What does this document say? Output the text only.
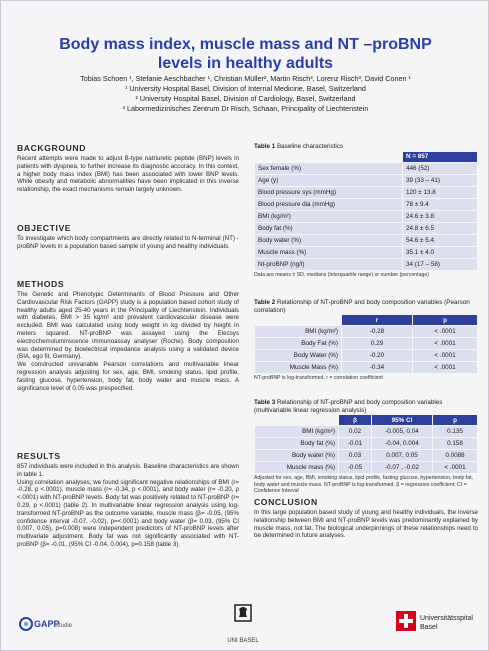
Body mass index, muscle mass and NT –proBNP
levels in healthy adults
Tobias Schoen ¹, Stefanie Aeschbacher ¹, Christian Müller², Martin Risch³, Lorenz Risch³, David Conen ¹
¹ University Hospital Basel, Division of Internal Medicine, Basel, Switzerland
² University Hospital Basel, Division of Cardiology, Basel, Switzerland
³ Labormedizinisches Zentrum Dr Risch, Schaan, Principality of Liechtenstein
BACKGROUND
Recent attempts were made to adjust B-type natriuretic peptide (BNP) levels in patients with dyspnea, to further increase its diagnostic accuracy. In this context, a higher body mass index (BMI) has been associated with lower BNP levels. While obesity and metabolic abnormalities have been implicated in this inverse relationship, the exact mechanisms remain largely unknown.
OBJECTIVE
To investigate which body compartments are directly related to N-terminal (NT) - proBNP levels in a population based sample of young and healthy individuals.
METHODS

The Genetic and Phenotypic Determinants of Blood Pressure and Other Cardiovascular Risk Factors (GAPP) study is a population based cohort study of healthy adults aged 25-40 years in the Principality of Liechtenstein. Individuals with diabetes, BMI > 35 kg/m² and prevalent cardiovascular disease were excluded. BMI was calculated using body weight in kg divided by height in meters squared. NT-proBNP was assayed using the Elecsys electrochemoluminscence immunoassay analyser (Roche). Body composition was determined by bioelectrical impedance analysis using a validated device (BIA, ego fit, Germany).

We constructed univariable Pearson correlations and multivariable linear regression analysis adjusting for sex, age, BMI, smoking status, lipid profile, fasting glucose, hypertension, body fat, body water and muscle mass. A significance level of 0.05 was prespecified.

RESULTS

857 individuals were included in this analysis. Baseline characteristics are shown in table 1.

Using correlation analyses, we found significant negative relationships of BMI (r= -0.28, p <.0001), muscle mass (r= -0.34, p <.0001), and body water (r= -0.20, p <.0001) with NT-proBNP levels. Body fat was positively related to NT-proBNP (r= 0.29, p <.0001) (table 2). In multivariable linear regression analysis using log-transformed NT-proBNP as the outcome variable, muscle mass (β= -0.05, (95% confidence interval -0.07, -0.02), p=<.0001) and body water (β= 0.03, (95% CI 0.007, 0.05), p=0.008) were independent predictors of NT-proBNP levels after multivariate adjustment. Body fat was not significantly associated with NT-proBNP (β= -0.01, (95% CI -0.04, 0.004), p=0.158 (table 3).

Table 1 Baseline characteristics
	N = 857
Sex female (%)	446 (52)
Age (y)	39 (33 – 41)
Blood pressure sys (mmHg)	120 ± 13.8
Blood pressure dia (mmHg)	78 ± 9.4
BMI (kg/m²)	24.6 ± 3.8
Body fat (%)	24.8 ± 6.5
Body water (%)	54.6 ± 5.4
Muscle mass (%)	35.1 ± 4.0
Nt-proBNP (ng/l)	34 (17 – 58)
Data are means ± SD, medians (interquartile range) or number (percentage)
Table 2 Relationship of NT-proBNP and body composition variables (Pearson correlation)
	r	p
BMI (kg/m²)	-0.28	< .0001
Body Fat (%)	0.29	< .0001
Body Water (%)	-0.20	< .0001
Muscle Mass (%)	-0.34	< .0001
NT-proBNP is log-transformed. r = correlation coefficient
Table 3 Relationship of NT-proBNP and body composition variables (multivariable linear regression analysis)
	β	95% CI	p
BMI (kg/m²)	0.02	-0.005, 0.04	0.135
Body fat (%)	-0.01	-0.04, 0.004	0.158
Body water (%)	0.03	0.007, 0.05	0.0088
Muscle mass (%)	-0.05	-0.07 , -0.02	< .0001
Adjusted for sex, age, BMI, smoking status, lipid profile, fasting glucose, hypertension, body fat, body water and muscle mass. NT-proBNP is log-transformed. β = regression coefficient; CI = Confidence Interval
CONCLUSION
In this large population based study of young and healthy individuals, the inverse relationship between BMI and NT-proBNP levels was predominantly explained by muscle mass, not fat. The biological underpinnings of these relationships need to be determined in future analyses.
GAPP
studie
UNI BASEL
Universitätsspital
Basel
